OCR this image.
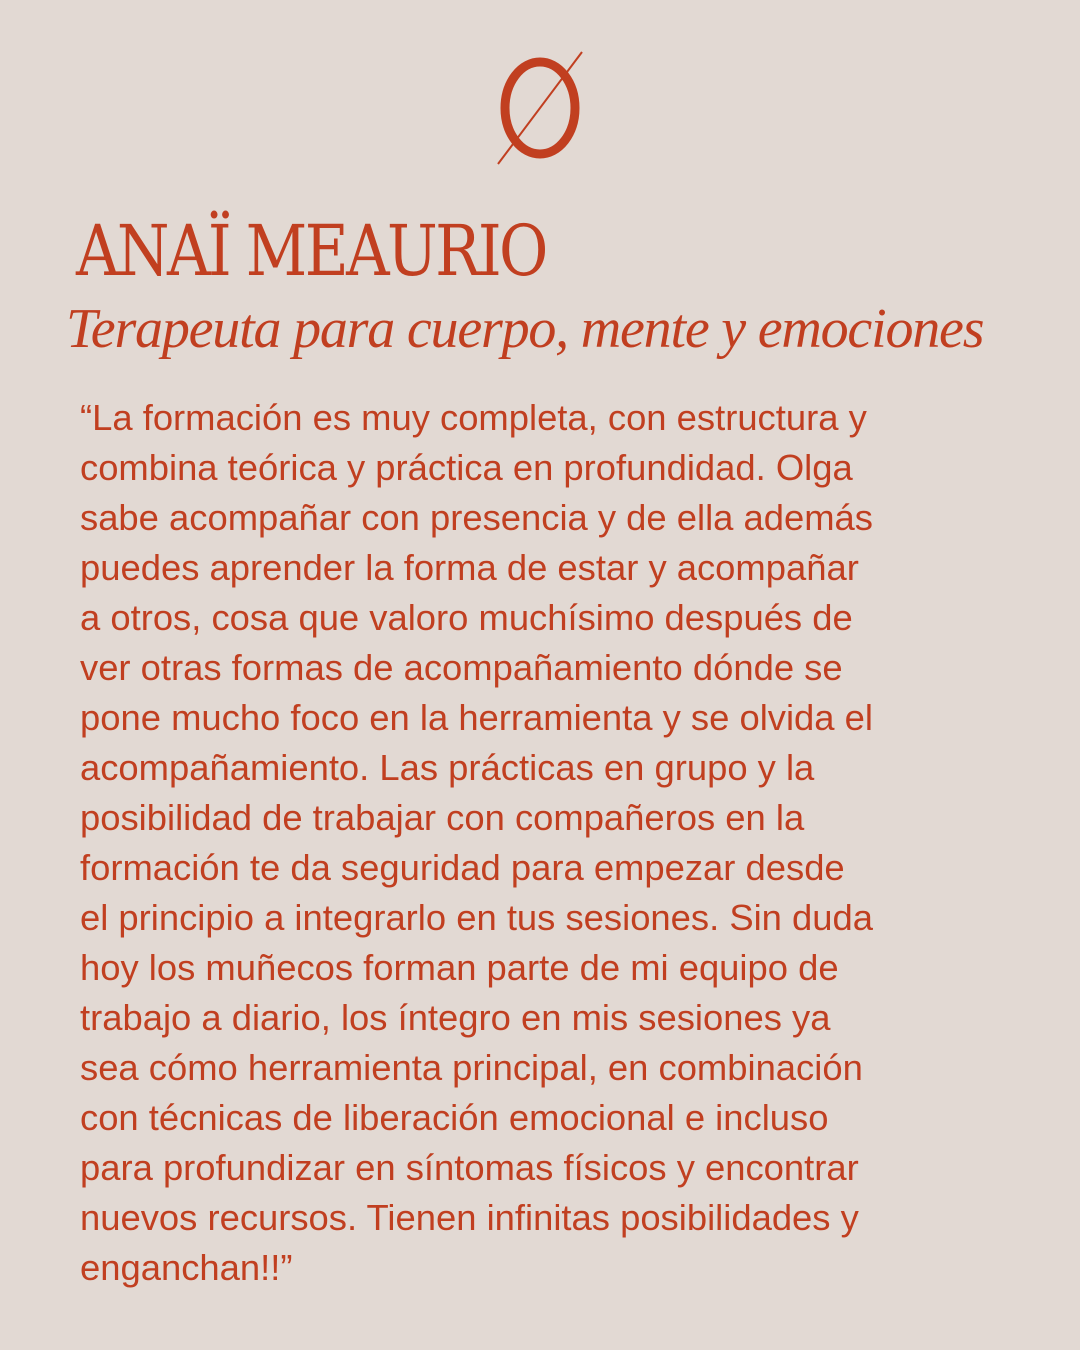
ANAÏ MEAURIO
Terapeuta para cuerpo, mente y emociones
“La formación es muy completa, con estructura y
combina teórica y práctica en profundidad. Olga
sabe acompañar con presencia y de ella además
puedes aprender la forma de estar y acompañar
a otros, cosa que valoro muchísimo después de
ver otras formas de acompañamiento dónde se
pone mucho foco en la herramienta y se olvida el
acompañamiento. Las prácticas en grupo y la
posibilidad de trabajar con compañeros en la
formación te da seguridad para empezar desde
el principio a integrarlo en tus sesiones. Sin duda
hoy los muñecos forman parte de mi equipo de
trabajo a diario, los íntegro en mis sesiones ya
sea cómo herramienta principal, en combinación
con técnicas de liberación emocional e incluso
para profundizar en síntomas físicos y encontrar
nuevos recursos. Tienen infinitas posibilidades y
enganchan!!”
